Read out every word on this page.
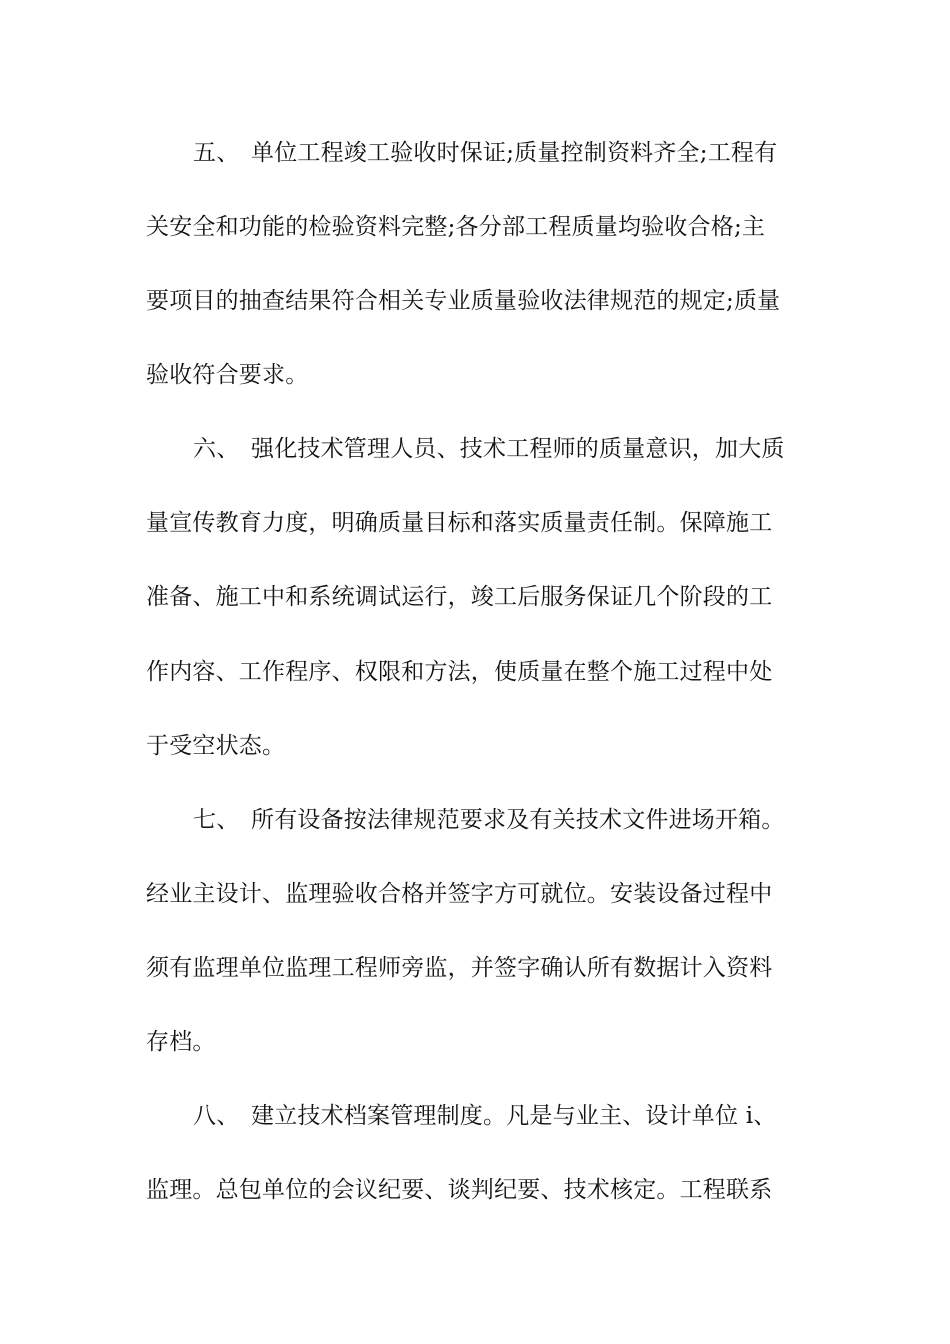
五、 单位工程竣工验收时保证;质量控制资料齐全;工程有
关安全和功能的检验资料完整;各分部工程质量均验收合格;主
要项目的抽查结果符合相关专业质量验收法律规范的规定;质量
验收符合要求。
六、 强化技术管理人员、技术工程师的质量意识，加大质
量宣传教育力度，明确质量目标和落实质量责任制。保障施工
准备、施工中和系统调试运行，竣工后服务保证几个阶段的工
作内容、工作程序、权限和方法，使质量在整个施工过程中处
于受空状态。
七、 所有设备按法律规范要求及有关技术文件进场开箱。
经业主设计、监理验收合格并签字方可就位。安装设备过程中
须有监理单位监理工程师旁监，并签字确认所有数据计入资料
存档。
八、 建立技术档案管理制度。凡是与业主、设计单位 i、
监理。总包单位的会议纪要、谈判纪要、技术核定。工程联系
